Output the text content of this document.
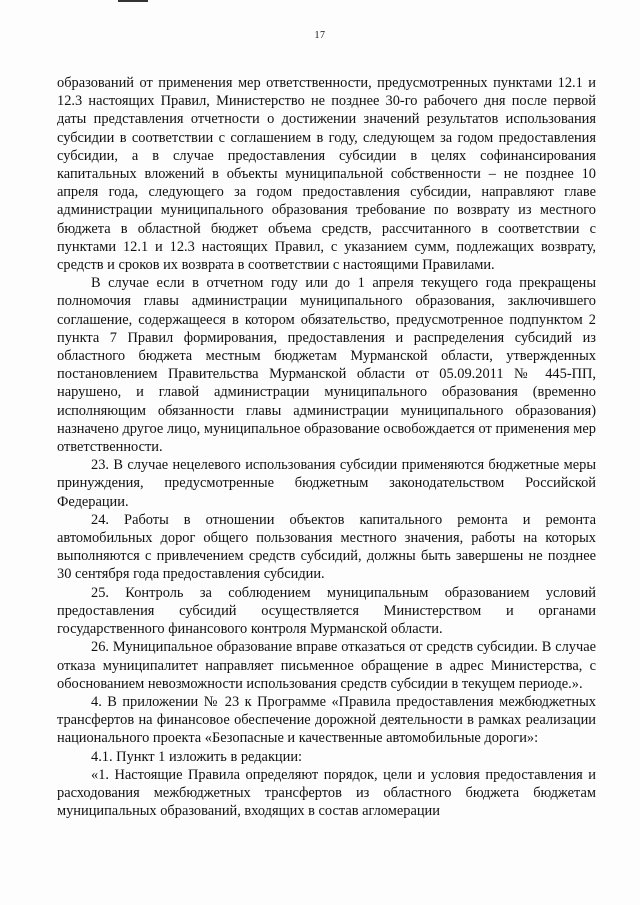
17

образований от применения мер ответственности, предусмотренных пунктами 12.1 и 12.3 настоящих Правил, Министерство не позднее 30-го рабочего дня после первой даты представления отчетности о достижении значений результатов использования субсидии в соответствии с соглашением в году, следующем за годом предоставления субсидии, а в случае предоставления субсидии в целях софинансирования капитальных вложений в объекты муниципальной собственности – не позднее 10 апреля года, следующего за годом предоставления субсидии, направляют главе администрации муниципального образования требование по возврату из местного бюджета в областной бюджет объема средств, рассчитанного в соответствии с пунктами 12.1 и 12.3 настоящих Правил, с указанием сумм, подлежащих возврату, средств и сроков их возврата в соответствии с настоящими Правилами.

В случае если в отчетном году или до 1 апреля текущего года прекращены полномочия главы администрации муниципального образования, заключившего соглашение, содержащееся в котором обязательство, предусмотренное подпунктом 2 пункта 7 Правил формирования, предоставления и распределения субсидий из областного бюджета местным бюджетам Мурманской области, утвержденных постановлением Правительства Мурманской области от 05.09.2011 № 445-ПП, нарушено, и главой администрации муниципального образования (временно исполняющим обязанности главы администрации муниципального образования) назначено другое лицо, муниципальное образование освобождается от применения мер ответственности.

23. В случае нецелевого использования субсидии применяются бюджетные меры принуждения, предусмотренные бюджетным законодательством Российской Федерации.

24. Работы в отношении объектов капитального ремонта и ремонта автомобильных дорог общего пользования местного значения, работы на которых выполняются с привлечением средств субсидий, должны быть завершены не позднее 30 сентября года предоставления субсидии.

25. Контроль за соблюдением муниципальным образованием условий предоставления субсидий осуществляется Министерством и органами государственного финансового контроля Мурманской области.

26. Муниципальное образование вправе отказаться от средств субсидии. В случае отказа муниципалитет направляет письменное обращение в адрес Министерства, с обоснованием невозможности использования средств субсидии в текущем периоде.».

4. В приложении № 23 к Программе «Правила предоставления межбюджетных трансфертов на финансовое обеспечение дорожной деятельности в рамках реализации национального проекта «Безопасные и качественные автомобильные дороги»:

4.1. Пункт 1 изложить в редакции:

«1. Настоящие Правила определяют порядок, цели и условия предоставления и расходования межбюджетных трансфертов из областного бюджета бюджетам муниципальных образований, входящих в состав агломерации
